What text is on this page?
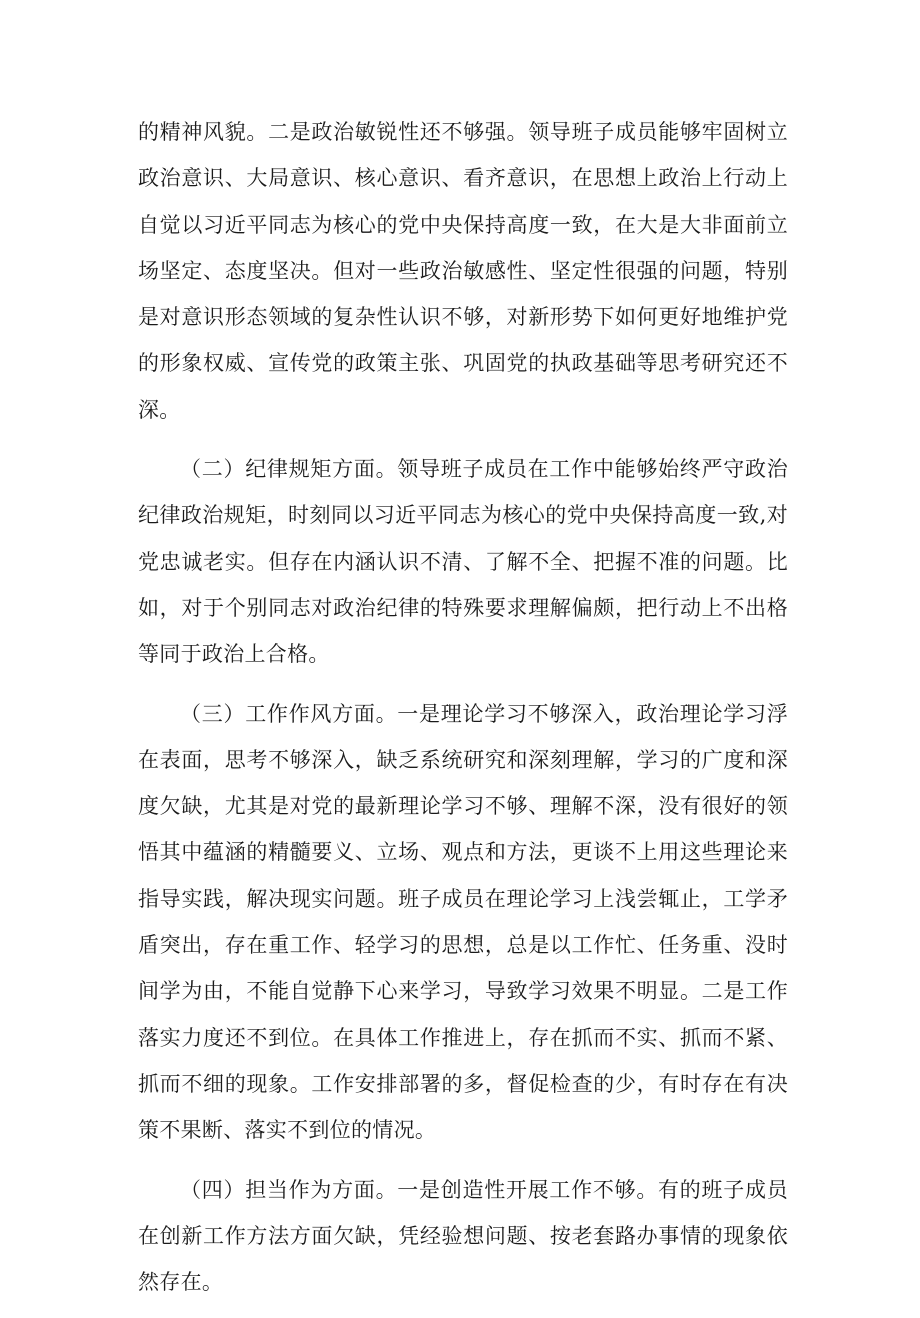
的精神风貌。二是政治敏锐性还不够强。领导班子成员能够牢固树立政治意识、大局意识、核心意识、看齐意识，在思想上政治上行动上自觉以习近平同志为核心的党中央保持高度一致，在大是大非面前立场坚定、态度坚决。但对一些政治敏感性、坚定性很强的问题，特别是对意识形态领域的复杂性认识不够，对新形势下如何更好地维护党的形象权威、宣传党的政策主张、巩固党的执政基础等思考研究还不深。

（二）纪律规矩方面。领导班子成员在工作中能够始终严守政治纪律政治规矩，时刻同以习近平同志为核心的党中央保持高度一致,对党忠诚老实。但存在内涵认识不清、了解不全、把握不准的问题。比如，对于个别同志对政治纪律的特殊要求理解偏颇，把行动上不出格等同于政治上合格。

（三）工作作风方面。一是理论学习不够深入，政治理论学习浮在表面，思考不够深入，缺乏系统研究和深刻理解，学习的广度和深度欠缺，尤其是对党的最新理论学习不够、理解不深，没有很好的领悟其中蕴涵的精髓要义、立场、观点和方法，更谈不上用这些理论来指导实践，解决现实问题。班子成员在理论学习上浅尝辄止，工学矛盾突出，存在重工作、轻学习的思想，总是以工作忙、任务重、没时间学为由，不能自觉静下心来学习，导致学习效果不明显。二是工作落实力度还不到位。在具体工作推进上，存在抓而不实、抓而不紧、抓而不细的现象。工作安排部署的多，督促检查的少，有时存在有决策不果断、落实不到位的情况。

（四）担当作为方面。一是创造性开展工作不够。有的班子成员在创新工作方法方面欠缺，凭经验想问题、按老套路办事情的现象依然存在。
